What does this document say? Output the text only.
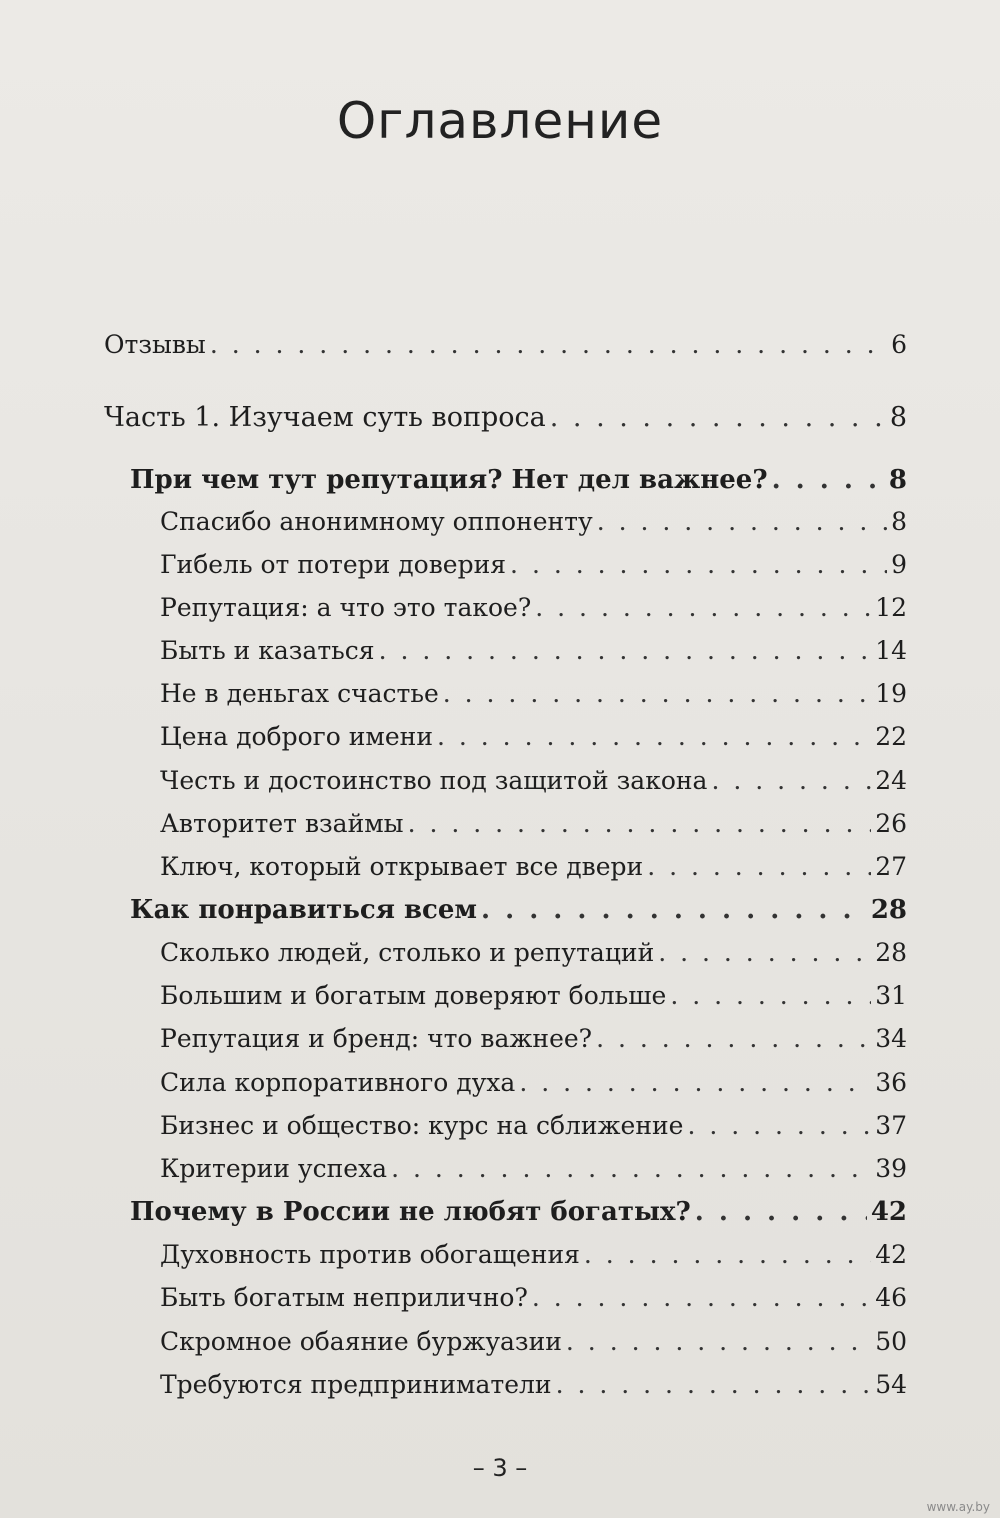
Оглавление
Отзывы . . .	6
Часть 1. Изучаем суть вопроса . . .	8
При чем тут репутация? Нет дел важнее? . . .	8
Спасибо анонимному оппоненту . . .	8
Гибель от потери доверия . . .	9
Репутация: а что это такое? . . .	12
Быть и казаться . . .	14
Не в деньгах счастье . . .	19
Цена доброго имени . . .	22
Честь и достоинство под защитой закона . . .	24
Авторитет взаймы . . .	26
Ключ, который открывает все двери . . .	27
Как понравиться всем . . .	28
Сколько людей, столько и репутаций . . .	28
Большим и богатым доверяют больше . . .	31
Репутация и бренд: что важнее? . . .	34
Сила корпоративного духа . . .	36
Бизнес и общество: курс на сближение . . .	37
Критерии успеха . . .	39
Почему в России не любят богатых? . . .	42
Духовность против обогащения . . .	42
Быть богатым неприлично? . . .	46
Скромное обаяние буржуазии . . .	50
Требуются предприниматели . . .	54
– 3 –
www.ay.by
